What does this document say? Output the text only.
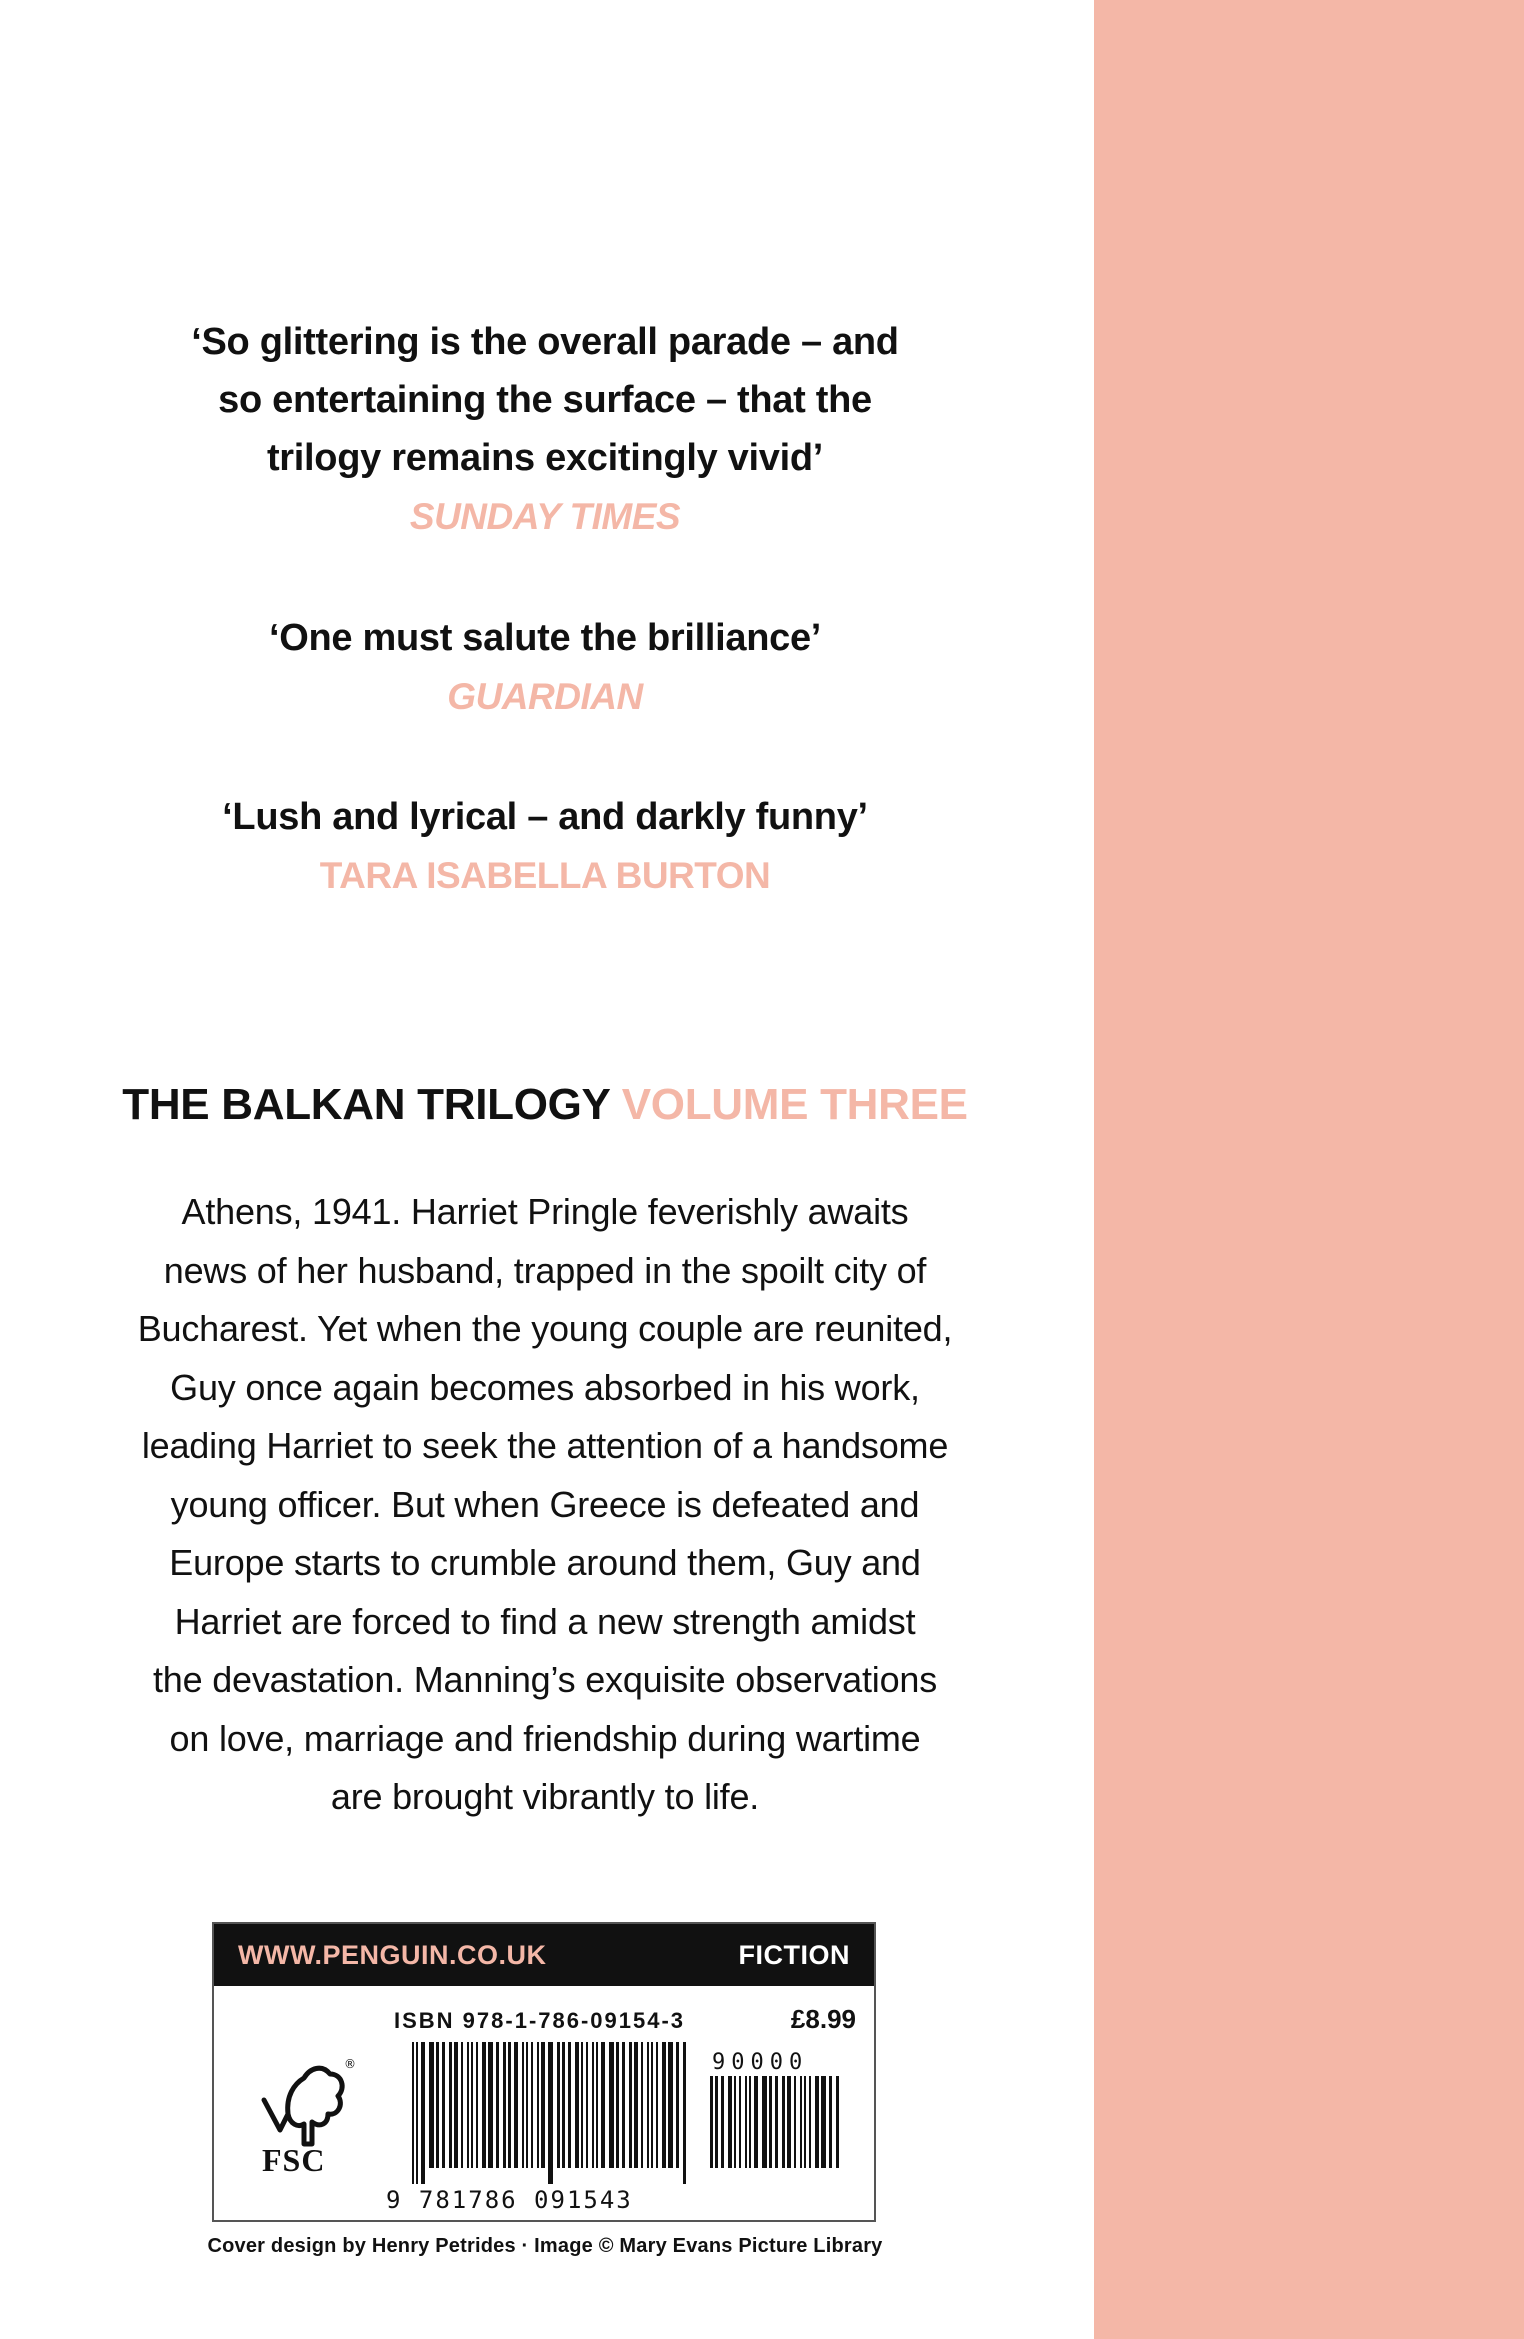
‘So glittering is the overall parade – and
so entertaining the surface – that the
trilogy remains excitingly vivid’
SUNDAY TIMES
‘One must salute the brilliance’
GUARDIAN
‘Lush and lyrical – and darkly funny’
TARA ISABELLA BURTON
THE BALKAN TRILOGY VOLUME THREE
Athens, 1941. Harriet Pringle feverishly awaits
news of her husband, trapped in the spoilt city of
Bucharest. Yet when the young couple are reunited,
Guy once again becomes absorbed in his work,
leading Harriet to seek the attention of a handsome
young officer. But when Greece is defeated and
Europe starts to crumble around them, Guy and
Harriet are forced to find a new strength amidst
the devastation. Manning’s exquisite observations
on love, marriage and friendship during wartime
are brought vibrantly to life.
WWW.PENGUIN.CO.UK	FICTION
®
FSC
ISBN 978-1-786-09154-3	£8.99
90000
9 781786 091543
Cover design by Henry Petrides · Image © Mary Evans Picture Library
